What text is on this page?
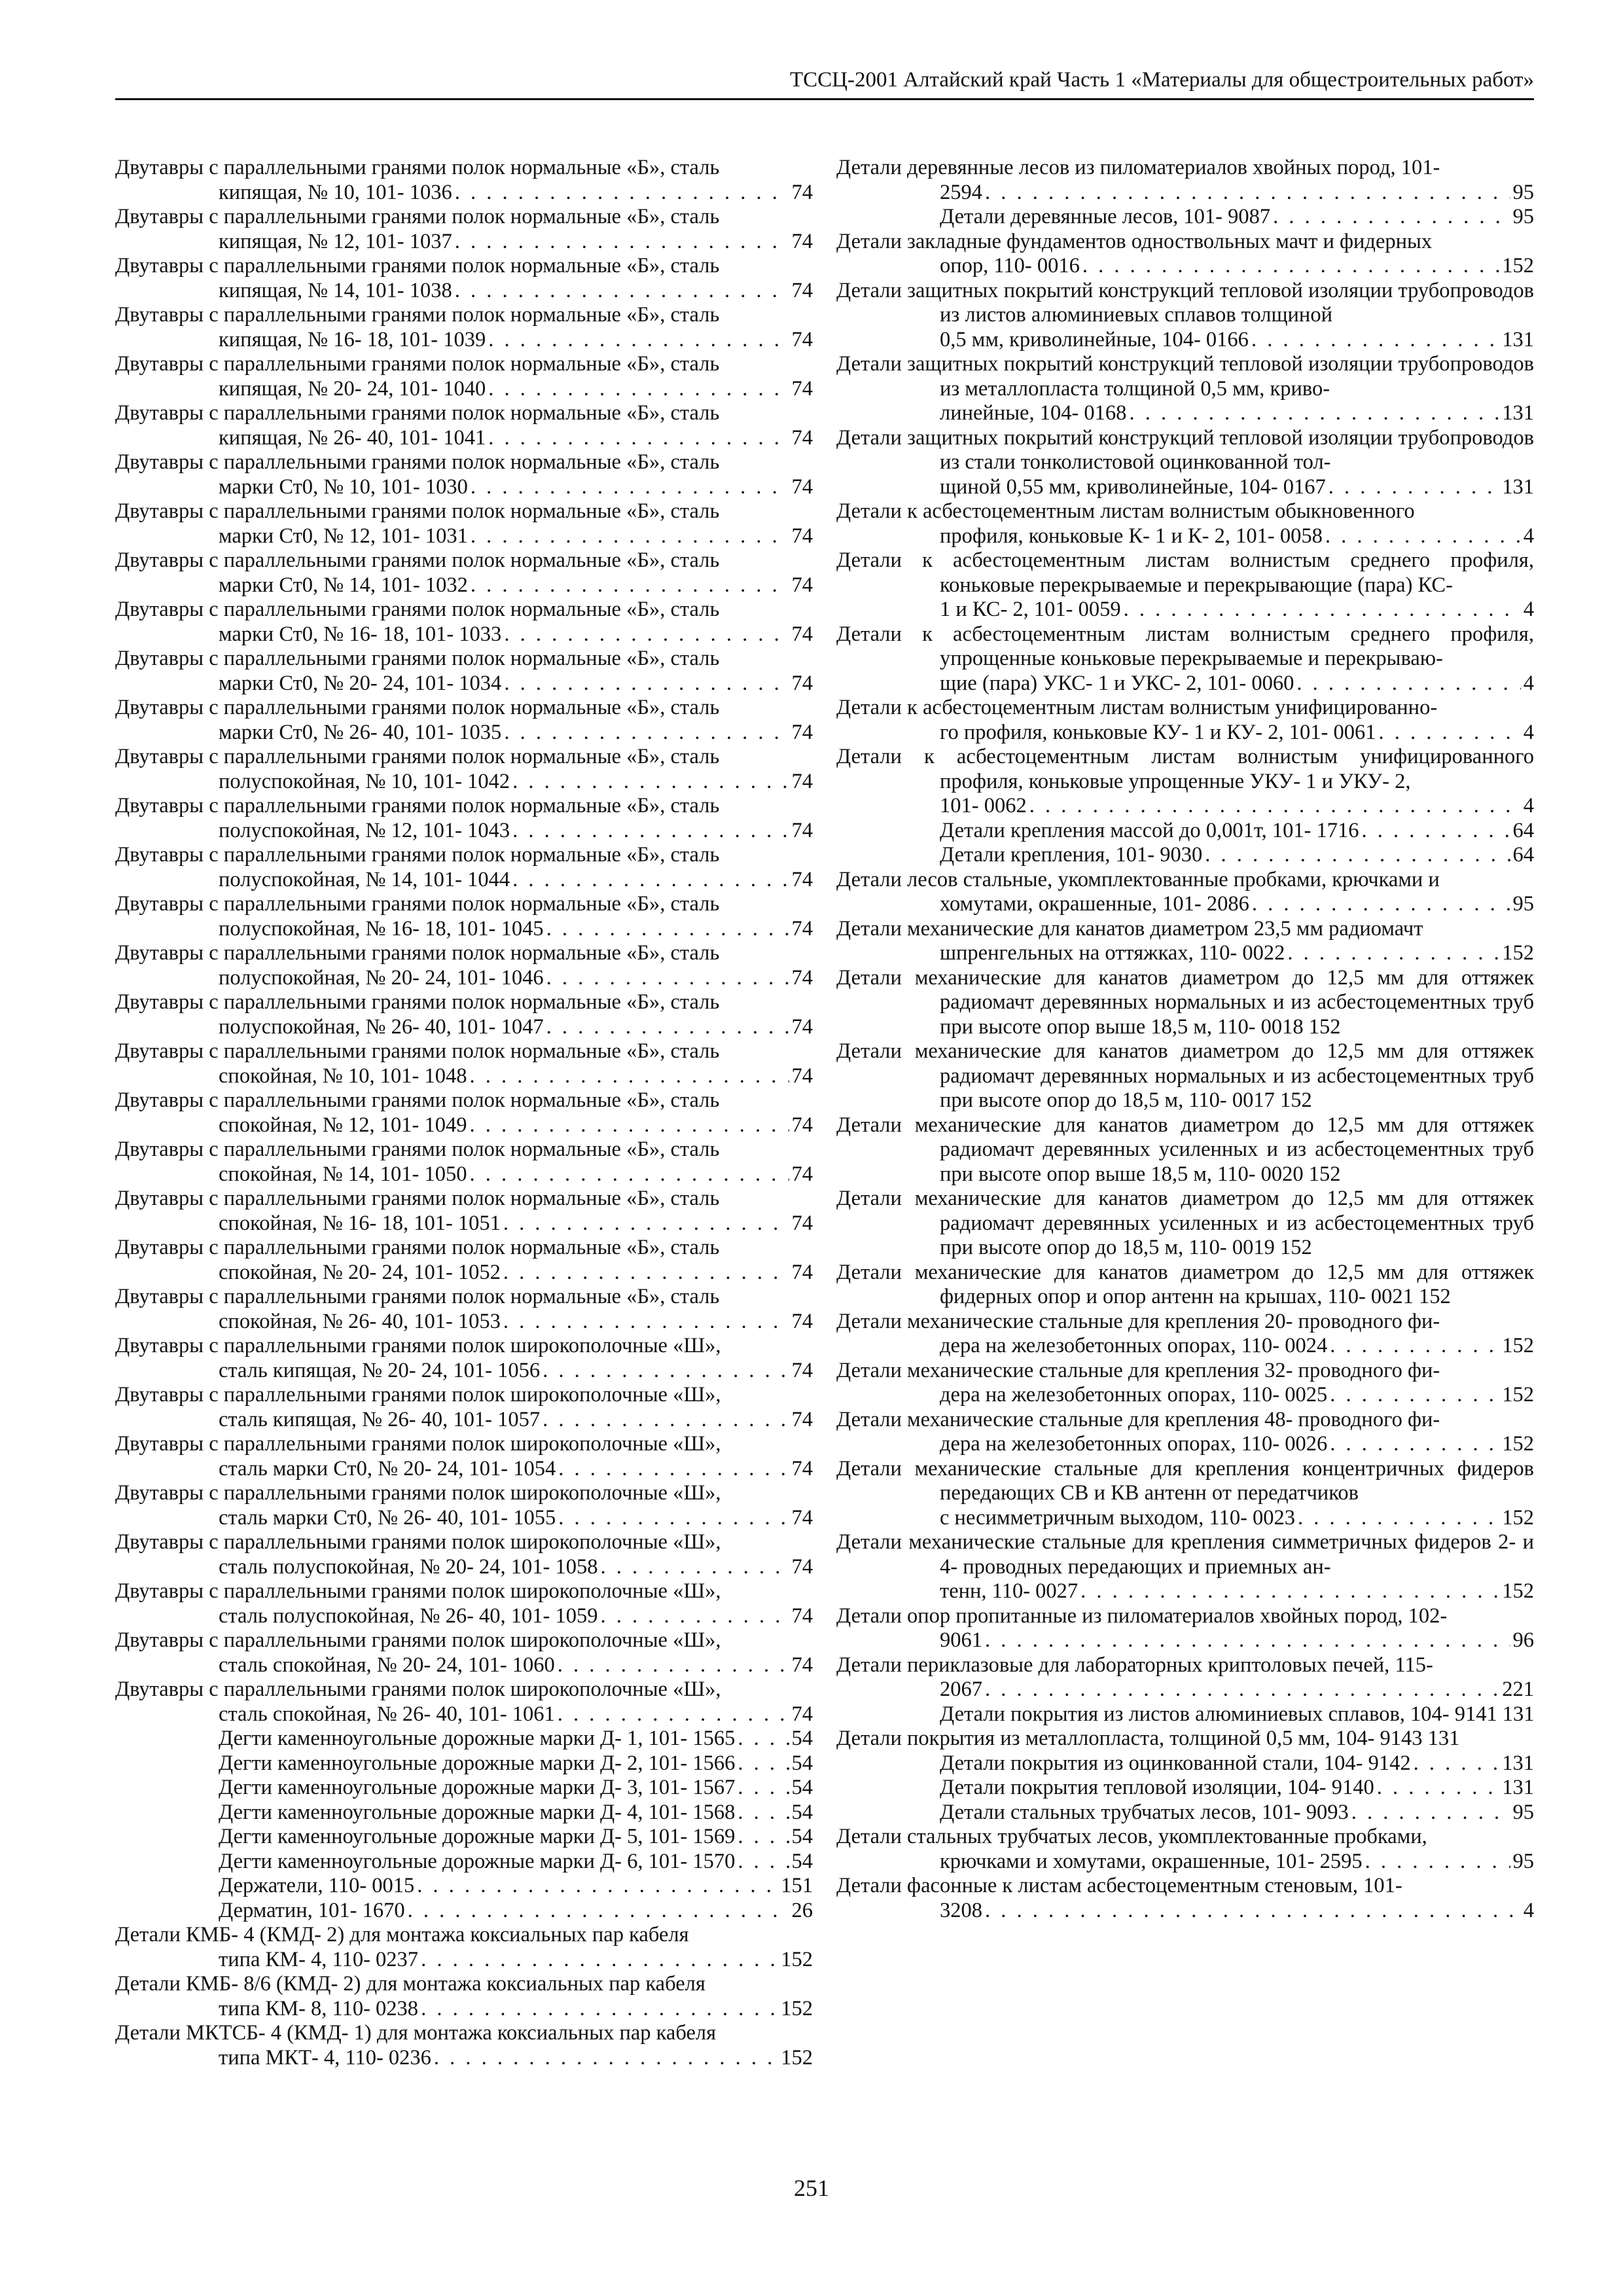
ТССЦ-2001 Алтайский край Часть 1 «Материалы для общестроительных работ»
Двутавры с параллельными гранями полок нормальные «Б», сталь
кипящая, № 10, 101- 1036 . . .	74
Двутавры с параллельными гранями полок нормальные «Б», сталь
кипящая, № 12, 101- 1037 . . .	74
Двутавры с параллельными гранями полок нормальные «Б», сталь
кипящая, № 14, 101- 1038 . . .	74
Двутавры с параллельными гранями полок нормальные «Б», сталь
кипящая, № 16- 18, 101- 1039 . . .	74
Двутавры с параллельными гранями полок нормальные «Б», сталь
кипящая, № 20- 24, 101- 1040 . . .	74
Двутавры с параллельными гранями полок нормальные «Б», сталь
кипящая, № 26- 40, 101- 1041 . . .	74
Двутавры с параллельными гранями полок нормальные «Б», сталь
марки Ст0, № 10, 101- 1030 . . .	74
Двутавры с параллельными гранями полок нормальные «Б», сталь
марки Ст0, № 12, 101- 1031 . . .	74
Двутавры с параллельными гранями полок нормальные «Б», сталь
марки Ст0, № 14, 101- 1032 . . .	74
Двутавры с параллельными гранями полок нормальные «Б», сталь
марки Ст0, № 16- 18, 101- 1033 . . .	74
Двутавры с параллельными гранями полок нормальные «Б», сталь
марки Ст0, № 20- 24, 101- 1034 . . .	74
Двутавры с параллельными гранями полок нормальные «Б», сталь
марки Ст0, № 26- 40, 101- 1035 . . .	74
Двутавры с параллельными гранями полок нормальные «Б», сталь
полуспокойная, № 10, 101- 1042 . . .	74
Двутавры с параллельными гранями полок нормальные «Б», сталь
полуспокойная, № 12, 101- 1043 . . .	74
Двутавры с параллельными гранями полок нормальные «Б», сталь
полуспокойная, № 14, 101- 1044 . . .	74
Двутавры с параллельными гранями полок нормальные «Б», сталь
полуспокойная, № 16- 18, 101- 1045 . . .	74
Двутавры с параллельными гранями полок нормальные «Б», сталь
полуспокойная, № 20- 24, 101- 1046 . . .	74
Двутавры с параллельными гранями полок нормальные «Б», сталь
полуспокойная, № 26- 40, 101- 1047 . . .	74
Двутавры с параллельными гранями полок нормальные «Б», сталь
спокойная, № 10, 101- 1048 . . .	74
Двутавры с параллельными гранями полок нормальные «Б», сталь
спокойная, № 12, 101- 1049 . . .	74
Двутавры с параллельными гранями полок нормальные «Б», сталь
спокойная, № 14, 101- 1050 . . .	74
Двутавры с параллельными гранями полок нормальные «Б», сталь
спокойная, № 16- 18, 101- 1051 . . .	74
Двутавры с параллельными гранями полок нормальные «Б», сталь
спокойная, № 20- 24, 101- 1052 . . .	74
Двутавры с параллельными гранями полок нормальные «Б», сталь
спокойная, № 26- 40, 101- 1053 . . .	74
Двутавры с параллельными гранями полок широкополочные «Ш»,
сталь кипящая, № 20- 24, 101- 1056 . . .	74
Двутавры с параллельными гранями полок широкополочные «Ш»,
сталь кипящая, № 26- 40, 101- 1057 . . .	74
Двутавры с параллельными гранями полок широкополочные «Ш»,
сталь марки Ст0, № 20- 24, 101- 1054 . . .	74
Двутавры с параллельными гранями полок широкополочные «Ш»,
сталь марки Ст0, № 26- 40, 101- 1055 . . .	74
Двутавры с параллельными гранями полок широкополочные «Ш»,
сталь полуспокойная, № 20- 24, 101- 1058 . . .	74
Двутавры с параллельными гранями полок широкополочные «Ш»,
сталь полуспокойная, № 26- 40, 101- 1059 . . .	74
Двутавры с параллельными гранями полок широкополочные «Ш»,
сталь спокойная, № 20- 24, 101- 1060 . . .	74
Двутавры с параллельными гранями полок широкополочные «Ш»,
сталь спокойная, № 26- 40, 101- 1061 . . .	74
Дегти каменноугольные дорожные марки Д- 1, 101- 1565 . . .	54
Дегти каменноугольные дорожные марки Д- 2, 101- 1566 . . .	54
Дегти каменноугольные дорожные марки Д- 3, 101- 1567 . . .	54
Дегти каменноугольные дорожные марки Д- 4, 101- 1568 . . .	54
Дегти каменноугольные дорожные марки Д- 5, 101- 1569 . . .	54
Дегти каменноугольные дорожные марки Д- 6, 101- 1570 . . .	54
Держатели, 110- 0015 . . .	151
Дерматин, 101- 1670 . . .	26
Детали КМБ- 4 (КМД- 2) для монтажа коксиальных пар кабеля
типа КМ- 4, 110- 0237 . . .	152
Детали КМБ- 8/6 (КМД- 2) для монтажа коксиальных пар кабеля
типа КМ- 8, 110- 0238 . . .	152
Детали МКТСБ- 4 (КМД- 1) для монтажа коксиальных пар кабеля
типа МКТ- 4, 110- 0236 . . .	152
Детали деревянные лесов из пиломатериалов хвойных пород, 101-
2594 . . .	95
Детали деревянные лесов, 101- 9087 . . .	95
Детали закладные фундаментов одноствольных мачт и фидерных
опор, 110- 0016 . . .	152
Детали защитных покрытий конструкций тепловой изоляции трубопроводов из листов алюминиевых сплавов толщиной
0,5 мм, криволинейные, 104- 0166 . . .	131
Детали защитных покрытий конструкций тепловой изоляции трубопроводов из металлопласта толщиной 0,5 мм, криво-
линейные, 104- 0168 . . .	131
Детали защитных покрытий конструкций тепловой изоляции трубопроводов из стали тонколистовой оцинкованной тол-
щиной 0,55 мм, криволинейные, 104- 0167 . . .	131
Детали к асбестоцементным листам волнистым обыкновенного
профиля, коньковые К- 1 и К- 2, 101- 0058 . . .	4
Детали к асбестоцементным листам волнистым среднего профиля, коньковые перекрываемые и перекрывающие (пара) КС-
1 и КС- 2, 101- 0059 . . .	4
Детали к асбестоцементным листам волнистым среднего профиля, упрощенные коньковые перекрываемые и перекрываю-
щие (пара) УКС- 1 и УКС- 2, 101- 0060 . . .	4
Детали к асбестоцементным листам волнистым унифицированно-
го профиля, коньковые КУ- 1 и КУ- 2, 101- 0061 . . .	4
Детали к асбестоцементным листам волнистым унифицированного профиля, коньковые упрощенные УКУ- 1 и УКУ- 2,
101- 0062 . . .	4
Детали крепления массой до 0,001т, 101- 1716 . . .	64
Детали крепления, 101- 9030 . . .	64
Детали лесов стальные, укомплектованные пробками, крючками и
хомутами, окрашенные, 101- 2086 . . .	95
Детали механические для канатов диаметром 23,5 мм радиомачт
шпренгельных на оттяжках, 110- 0022 . . .	152
Детали механические для канатов диаметром до 12,5 мм для оттяжек радиомачт деревянных нормальных и из асбестоцементных труб при высоте опор выше 18,5 м, 110- 0018 152
Детали механические для канатов диаметром до 12,5 мм для оттяжек радиомачт деревянных нормальных и из асбестоцементных труб при высоте опор до 18,5 м, 110- 0017 152
Детали механические для канатов диаметром до 12,5 мм для оттяжек радиомачт деревянных усиленных и из асбестоцементных труб при высоте опор выше 18,5 м, 110- 0020 152
Детали механические для канатов диаметром до 12,5 мм для оттяжек радиомачт деревянных усиленных и из асбестоцементных труб при высоте опор до 18,5 м, 110- 0019 152
Детали механические для канатов диаметром до 12,5 мм для оттяжек фидерных опор и опор антенн на крышах, 110- 0021 152
Детали механические стальные для крепления 20- проводного фи-
дера на железобетонных опорах, 110- 0024 . . .	152
Детали механические стальные для крепления 32- проводного фи-
дера на железобетонных опорах, 110- 0025 . . .	152
Детали механические стальные для крепления 48- проводного фи-
дера на железобетонных опорах, 110- 0026 . . .	152
Детали механические стальные для крепления концентричных фидеров передающих СВ и КВ антенн от передатчиков
с несимметричным выходом, 110- 0023 . . .	152
Детали механические стальные для крепления симметричных фидеров 2- и 4- проводных передающих и приемных ан-
тенн, 110- 0027 . . .	152
Детали опор пропитанные из пиломатериалов хвойных пород, 102-
9061 . . .	96
Детали периклазовые для лабораторных криптоловых печей, 115-
2067 . . .	221
Детали покрытия из листов алюминиевых сплавов, 104- 9141 131
Детали покрытия из металлопласта, толщиной 0,5 мм, 104- 9143 131
Детали покрытия из оцинкованной стали, 104- 9142 . . .	131
Детали покрытия тепловой изоляции, 104- 9140 . . .	131
Детали стальных трубчатых лесов, 101- 9093 . . .	95
Детали стальных трубчатых лесов, укомплектованные пробками,
крючками и хомутами, окрашенные, 101- 2595 . . .	95
Детали фасонные к листам асбестоцементным стеновым, 101-
3208 . . .	4
251
